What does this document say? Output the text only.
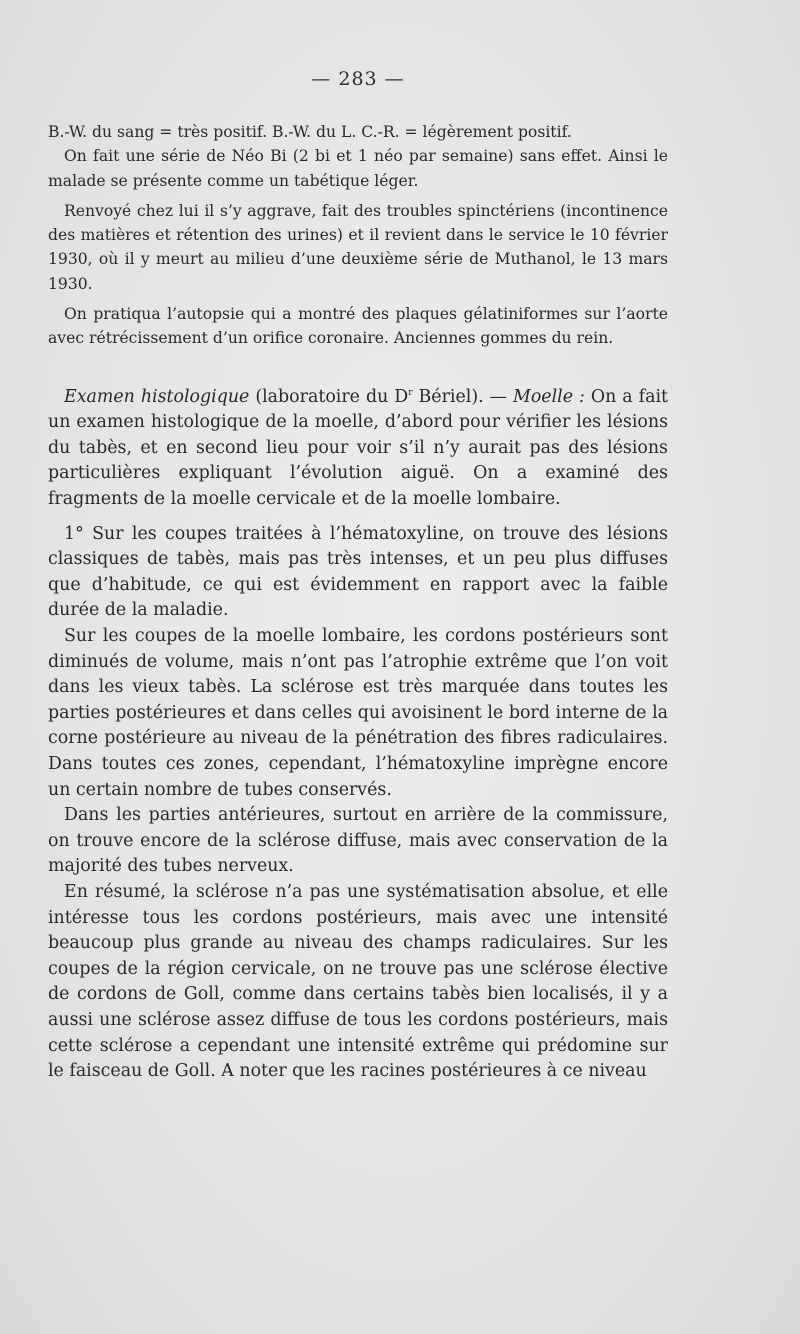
— 283 —

B.-W. du sang = très positif. B.-W. du L. C.-R. = légèrement positif.

On fait une série de Néo Bi (2 bi et 1 néo par semaine) sans effet. Ainsi le malade se présente comme un tabétique léger.

Renvoyé chez lui il s’y aggrave, fait des troubles spinctériens (incontinence des matières et rétention des urines) et il revient dans le service le 10 février 1930, où il y meurt au milieu d’une deuxième série de Muthanol, le 13 mars 1930.

On pratiqua l’autopsie qui a montré des plaques gélatiniformes sur l’aorte avec rétrécissement d’un orifice coronaire. Anciennes gommes du rein.

Examen histologique (laboratoire du $D^r$ Bériel). — Moelle : On a fait un examen histologique de la moelle, d’abord pour vérifier les lésions du tabès, et en second lieu pour voir s’il n’y aurait pas des lésions particulières expliquant l’évolution aiguë. On a examiné des fragments de la moelle cervicale et de la moelle lombaire.

1° Sur les coupes traitées à l’hématoxyline, on trouve des lésions classiques de tabès, mais pas très intenses, et un peu plus diffuses que d’habitude, ce qui est évidemment en rapport avec la faible durée de la maladie.

Sur les coupes de la moelle lombaire, les cordons postérieurs sont diminués de volume, mais n’ont pas l’atrophie extrême que l’on voit dans les vieux tabès. La sclérose est très marquée dans toutes les parties postérieures et dans celles qui avoisinent le bord interne de la corne postérieure au niveau de la pénétration des fibres radiculaires. Dans toutes ces zones, cependant, l’hématoxyline imprègne encore un certain nombre de tubes conservés.

Dans les parties antérieures, surtout en arrière de la commissure, on trouve encore de la sclérose diffuse, mais avec conservation de la majorité des tubes nerveux.

En résumé, la sclérose n’a pas une systématisation absolue, et elle intéresse tous les cordons postérieurs, mais avec une intensité beaucoup plus grande au niveau des champs radiculaires. Sur les coupes de la région cervicale, on ne trouve pas une sclérose élective de cordons de Goll, comme dans certains tabès bien localisés, il y a aussi une sclérose assez diffuse de tous les cordons postérieurs, mais cette sclérose a cependant une intensité extrême qui prédomine sur le faisceau de Goll. A noter que les racines postérieures à ce niveau
